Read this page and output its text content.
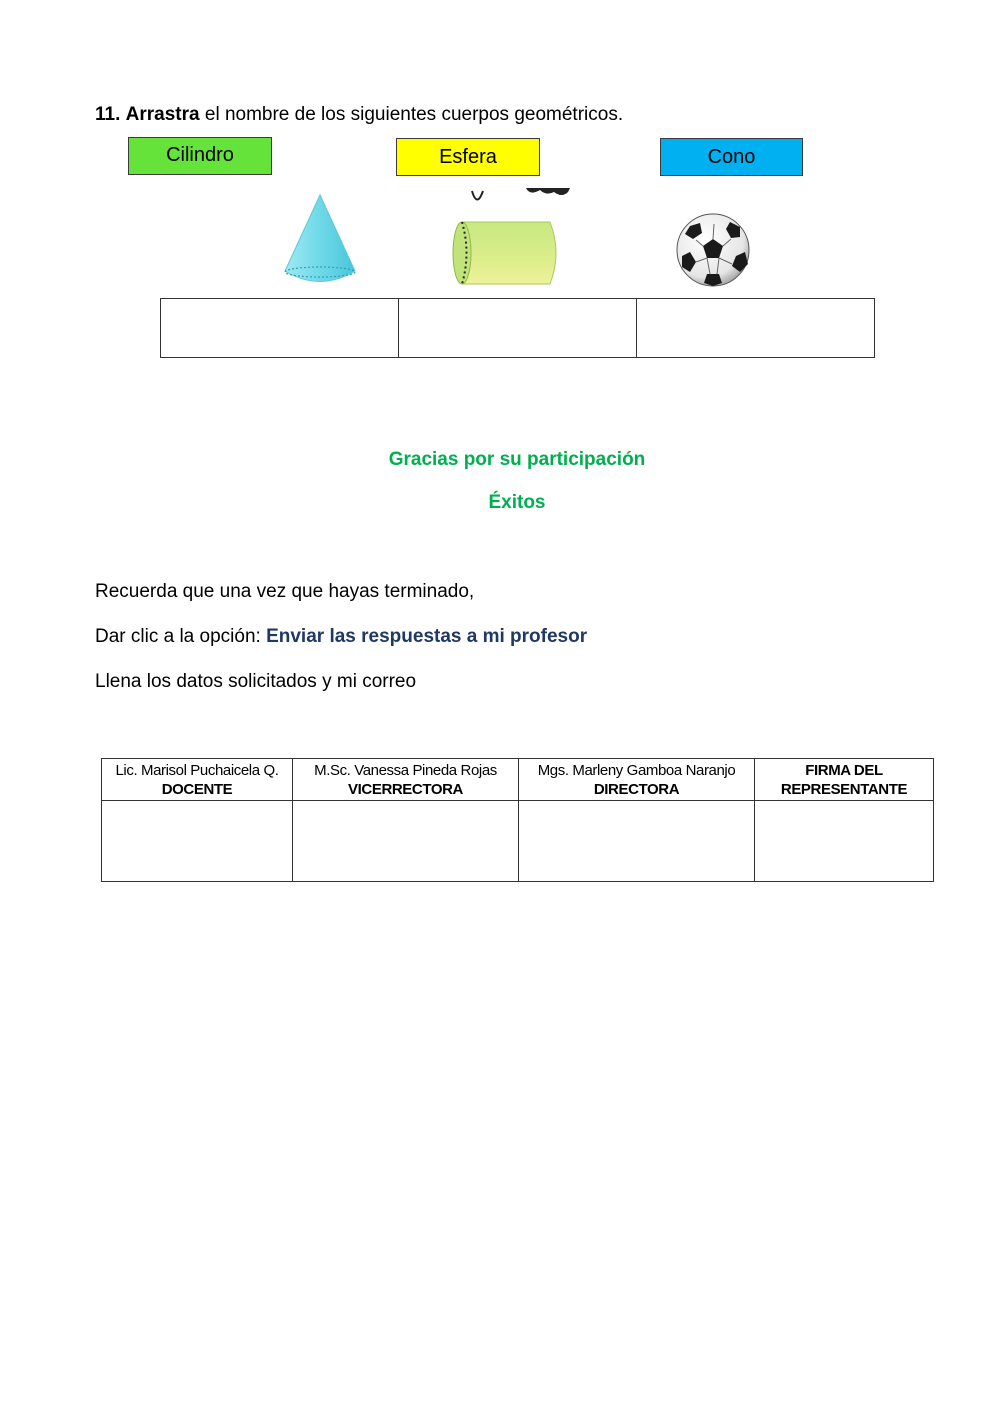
11. Arrastra el nombre de los siguientes cuerpos geométricos.
Cilindro	Esfera	Cono

Gracias por su participación
Éxitos
Recuerda que una vez que hayas terminado,
Dar clic a la opción: Enviar las respuestas a mi profesor
Llena los datos solicitados y mi correo
Lic. Marisol Puchaicela Q.
DOCENTE	M.Sc. Vanessa Pineda Rojas
VICERRECTORA	Mgs. Marleny Gamboa Naranjo
DIRECTORA	FIRMA DEL
REPRESENTANTE
